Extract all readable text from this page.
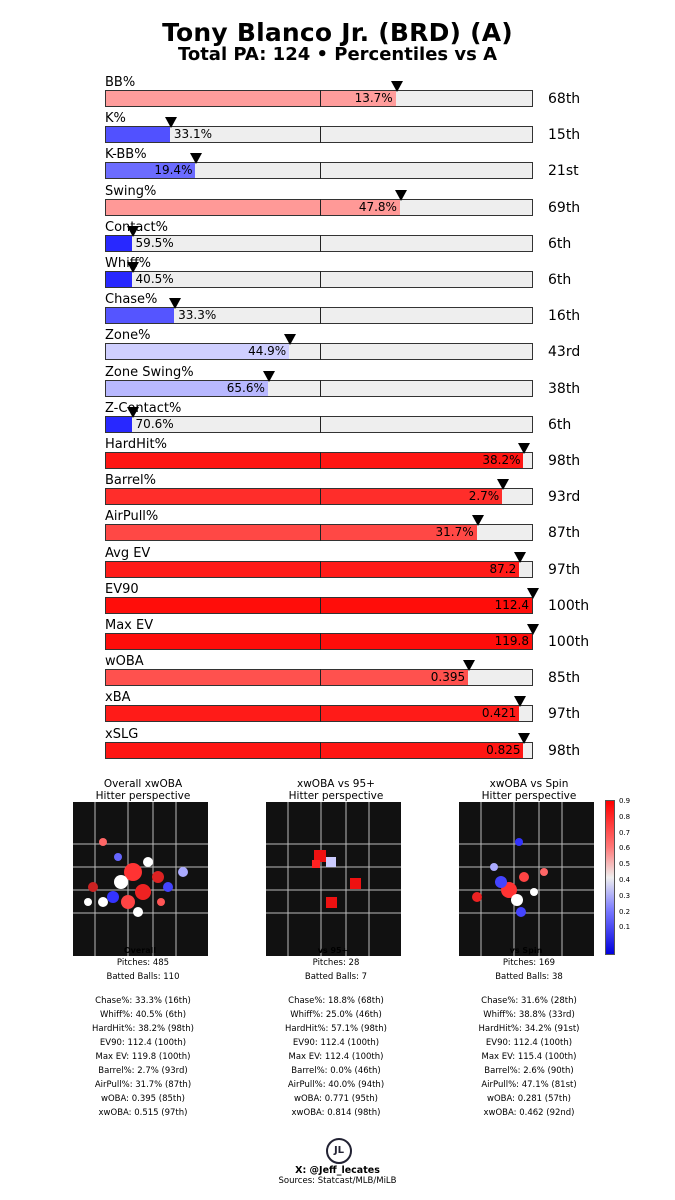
Tony Blanco Jr. (BRD) (A)
Total PA: 124 • Percentiles vs A
BB%
13.7%	68th
K%
33.1%	15th
K-BB%
19.4%	21st
Swing%
47.8%	69th
Contact%
59.5%	6th
Whiff%
40.5%	6th
Chase%
33.3%	16th
Zone%
44.9%	43rd
Zone Swing%
65.6%	38th
Z-Contact%
70.6%	6th
HardHit%
38.2% 98th
Barrel%
2.7%	93rd
AirPull%
31.7%	87th
Avg EV
87.2 97th
EV90
112.4 100th
Max EV
119.8 100th
wOBA
0.395	85th
xBA
0.421 97th
xSLG
0.825 98th
Overall xwOBA
Hitter perspective
Overall
Pitches: 485
Batted Balls: 110
Chase%: 33.3% (16th)
Whiff%: 40.5% (6th)
HardHit%: 38.2% (98th)
EV90: 112.4 (100th)
Max EV: 119.8 (100th)
Barrel%: 2.7% (93rd)
AirPull%: 31.7% (87th)
wOBA: 0.395 (85th)
xwOBA: 0.515 (97th)
xwOBA vs 95+
Hitter perspective
vs 95+
Pitches: 28
Batted Balls: 7
Chase%: 18.8% (68th)
Whiff%: 25.0% (46th)
HardHit%: 57.1% (98th)
EV90: 112.4 (100th)
Max EV: 112.4 (100th)
Barrel%: 0.0% (46th)
AirPull%: 40.0% (94th)
wOBA: 0.771 (95th)
xwOBA: 0.814 (98th)
xwOBA vs Spin
Hitter perspective
vs Spin
Pitches: 169
Batted Balls: 38
Chase%: 31.6% (28th)
Whiff%: 38.8% (33rd)
HardHit%: 34.2% (91st)
EV90: 112.4 (100th)
Max EV: 115.4 (100th)
Barrel%: 2.6% (90th)
AirPull%: 47.1% (81st)
wOBA: 0.281 (57th)
xwOBA: 0.462 (92nd)
0.9
0.8
0.7
0.6
0.5
0.4
0.3
0.2
0.1
JL
X: @Jeff_lecates
Sources: Statcast/MLB/MiLB
